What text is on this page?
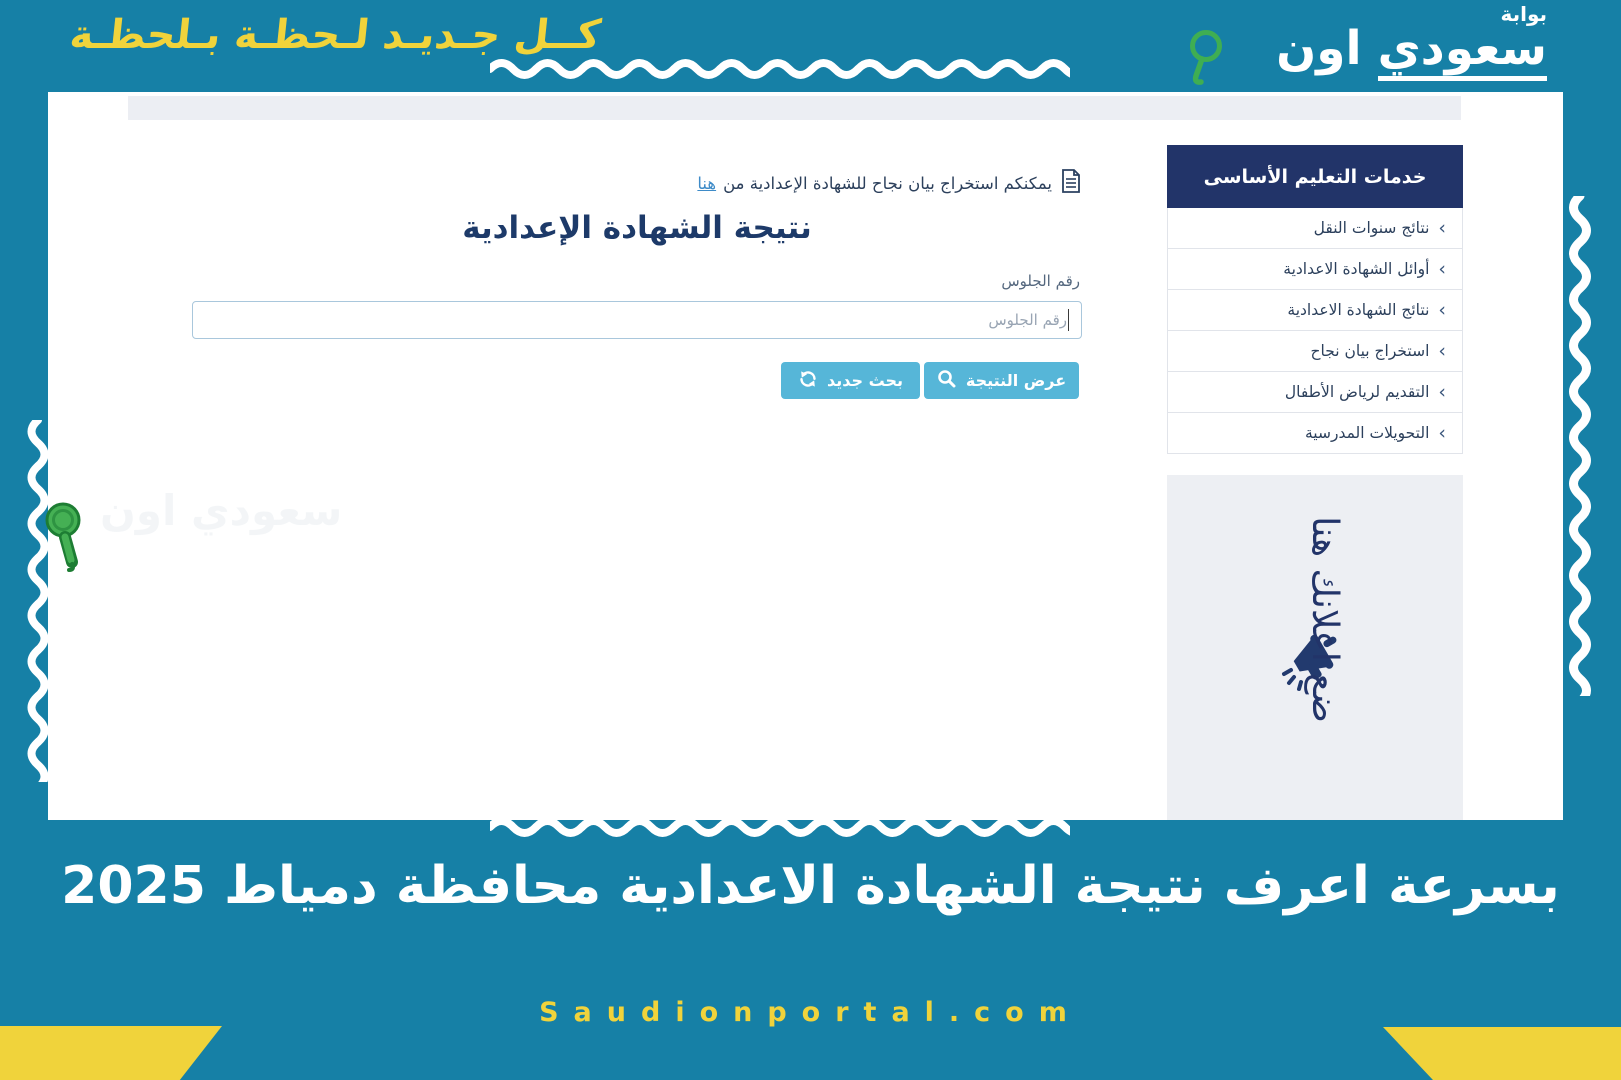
كــل جـديـد لـحظـة بـلحظـة	بوابة
سعودي
اون
يمكنكم استخراج بيان نجاح للشهادة الإعدادية من
هنا
نتيجة الشهادة الإعدادية
رقم الجلوس
رقم الجلوس
عرض النتيجة
بحث جديد
خدمات التعليم الأساسى
‹
نتائج سنوات النقل
‹
أوائل الشهادة الاعدادية
‹
نتائج الشهادة الاعدادية
‹
استخراج بيان نجاح
‹
التقديم لرياض الأطفال
‹
التحويلات المدرسية
ضع اعلانك هنا
سعودي اون
بسرعة اعرف نتيجة الشهادة الاعدادية محافظة دمياط 2025
Saudionportal.com
